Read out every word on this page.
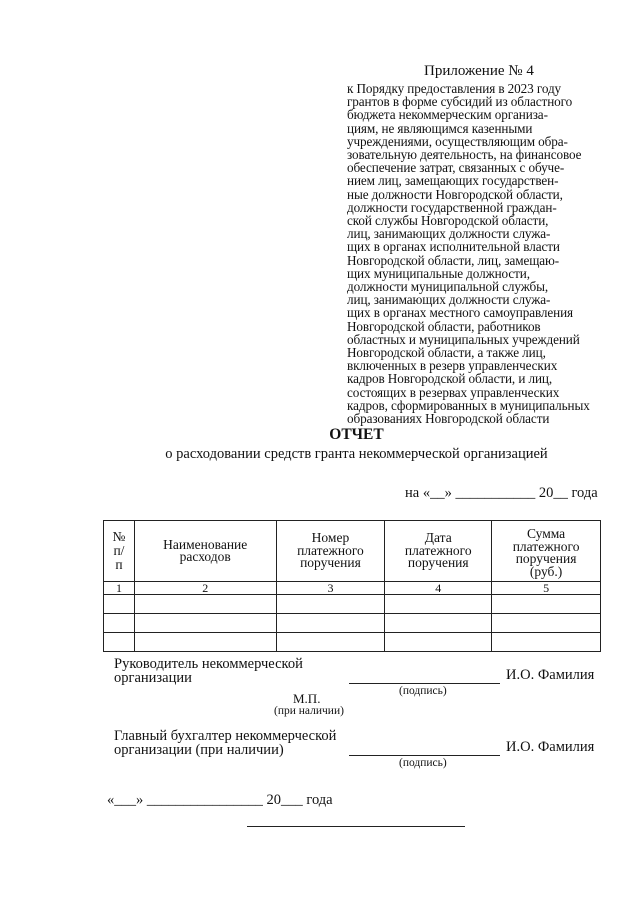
Приложение № 4
к Порядку предоставления в 2023 году
грантов в форме субсидий из областного
бюджета некоммерческим организа-
циям, не являющимся казенными
учреждениями, осуществляющим обра-
зовательную деятельность, на финансовое
обеспечение затрат, связанных с обуче-
нием лиц, замещающих государствен-
ные должности Новгородской области,
должности государственной граждан-
ской службы Новгородской области,
лиц, занимающих должности служа-
щих в органах исполнительной власти
Новгородской области, лиц, замещаю-
щих муниципальные должности,
должности муниципальной службы,
лиц, занимающих должности служа-
щих в органах местного самоуправления
Новгородской области, работников
областных и муниципальных учреждений
Новгородской области, а также лиц,
включенных в резерв управленческих
кадров Новгородской области, и лиц,
состоящих в резервах управленческих
кадров, сформированных в муниципальных
образованиях Новгородской области
ОТЧЕТ
о расходовании средств гранта некоммерческой организацией
на «__» ___________ 20__ года
№ п/п	Наименование расходов	Номер платежного поручения	Дата платежного поручения	Сумма платежного поручения (руб.)
1	2	3	4	5

Руководитель некоммерческой
организации	И.О. Фамилия
(подпись)
М.П.
(при наличии)
Главный бухгалтер некоммерческой
организации (при наличии)	И.О. Фамилия
(подпись)
«___» ________________ 20___ года
